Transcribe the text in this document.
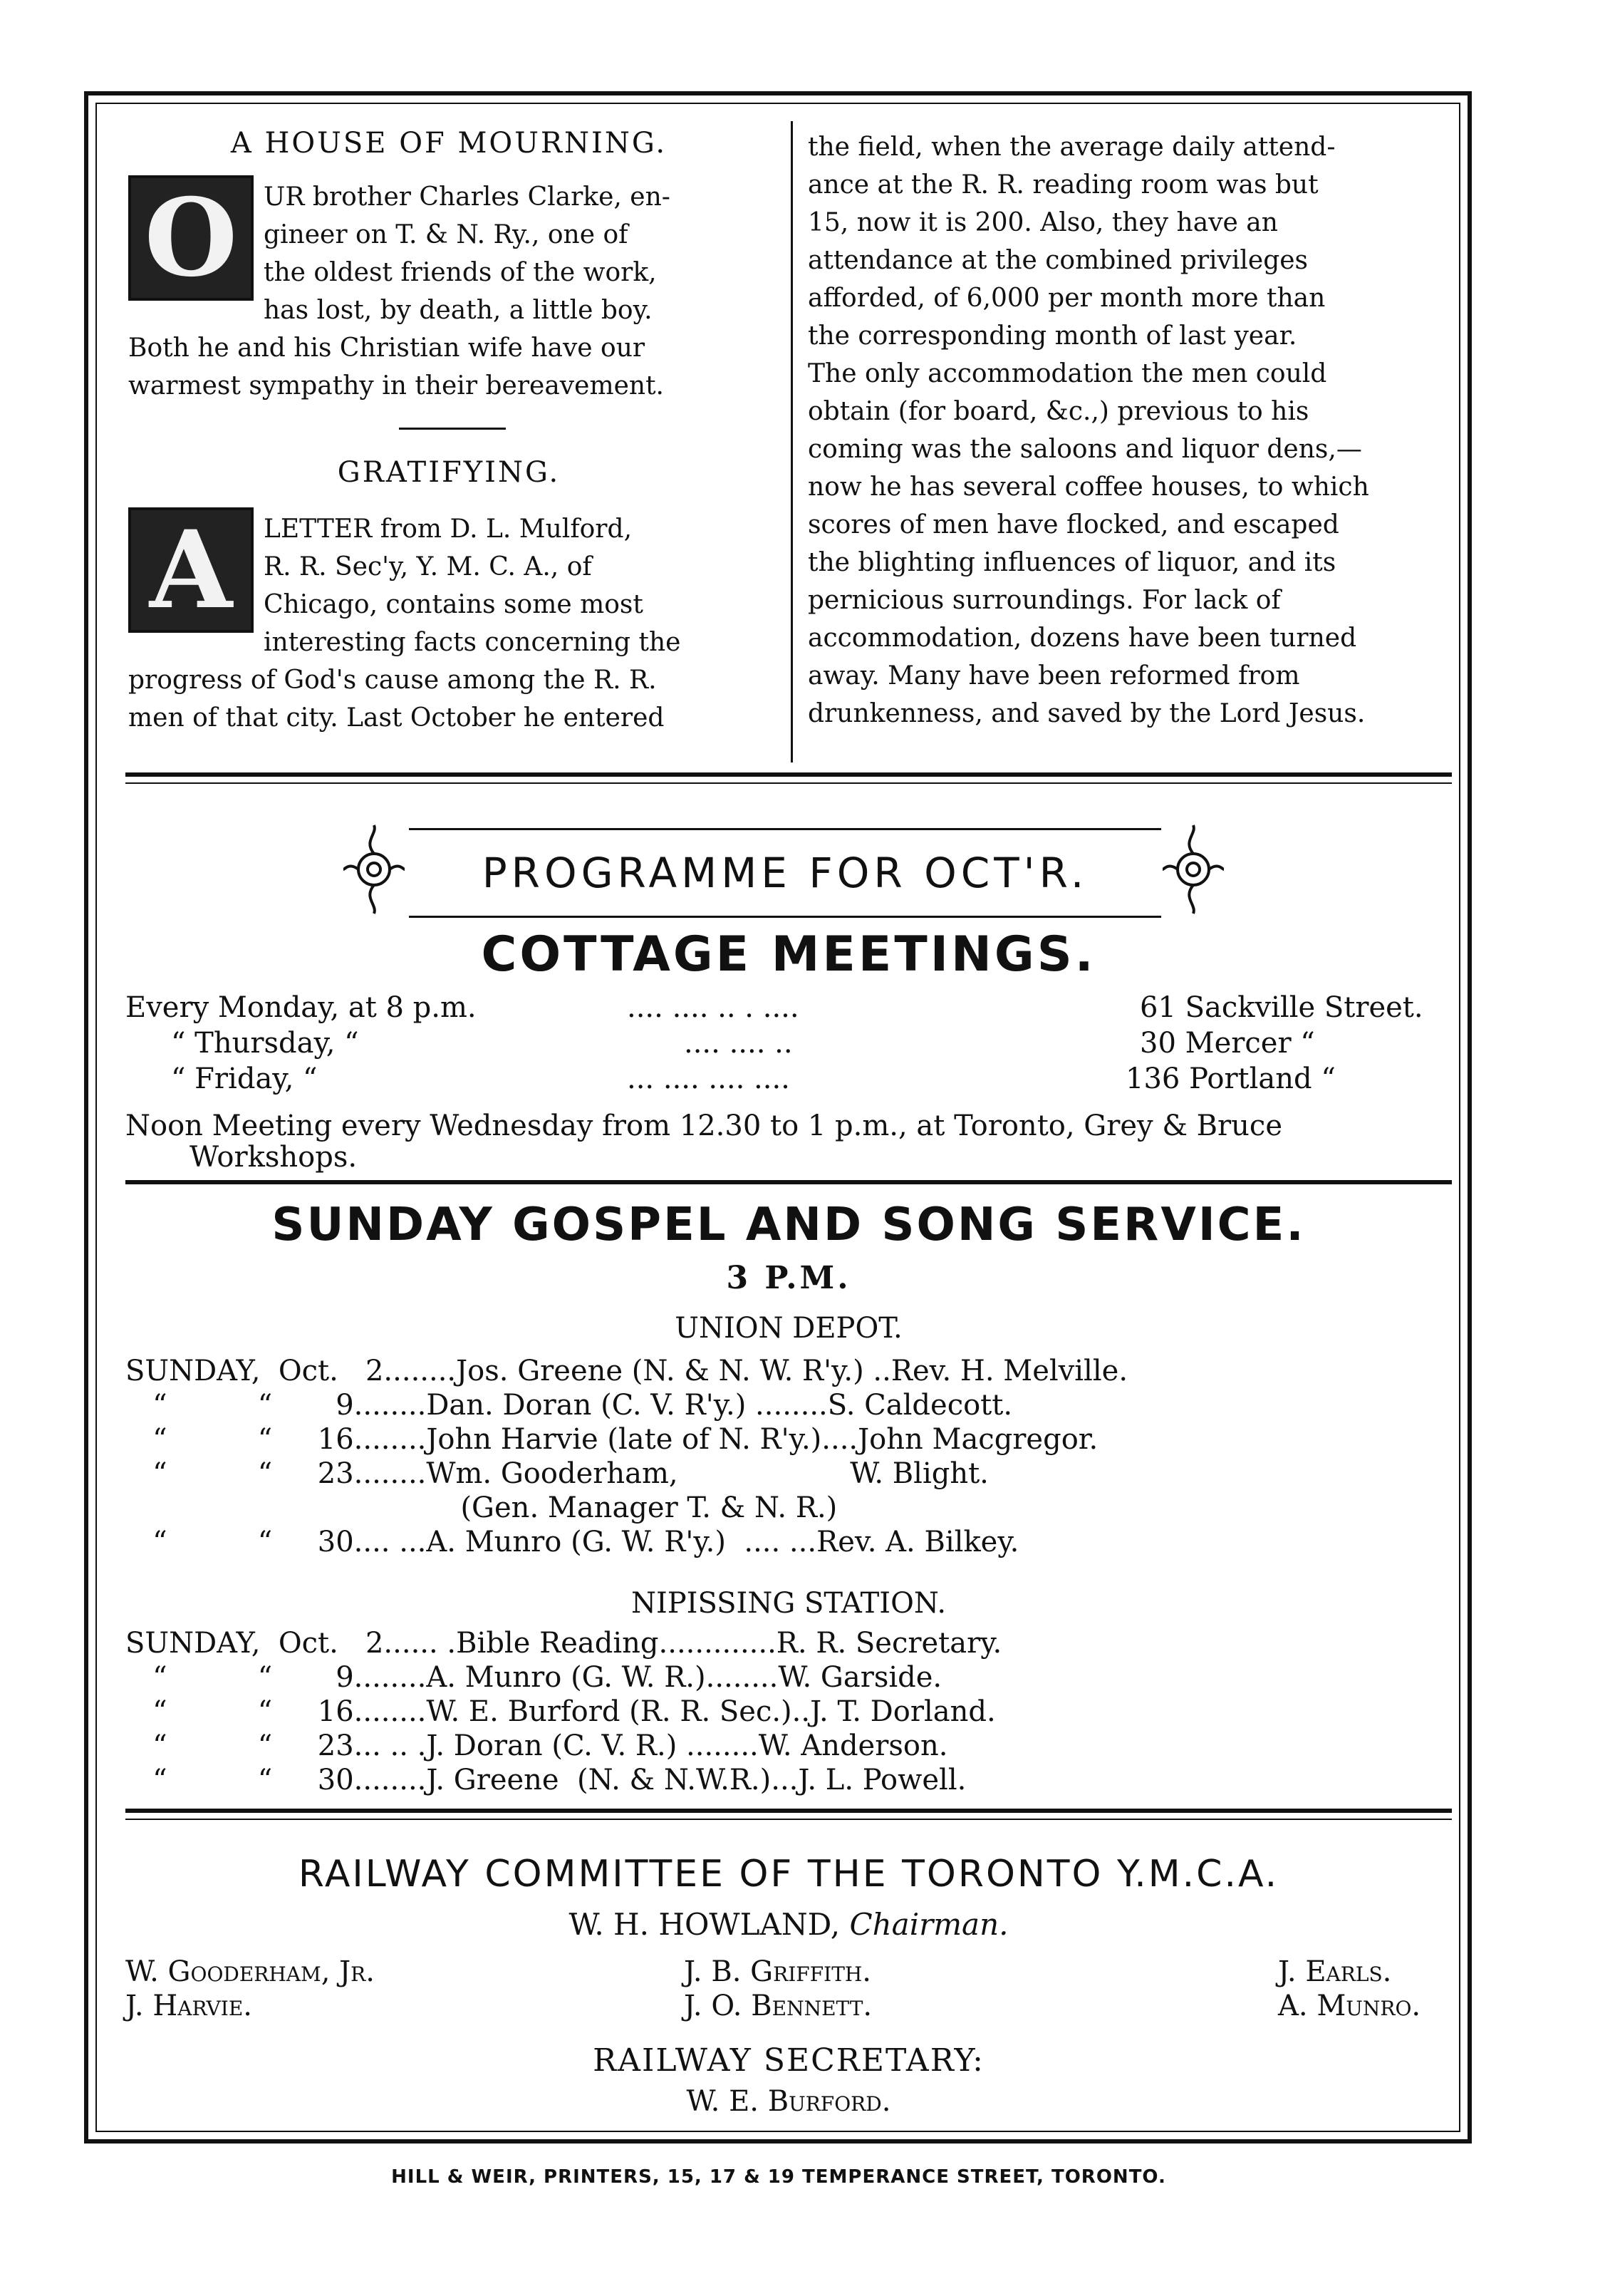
A HOUSE OF MOURNING.
O UR brother Charles Clarke, en-
gineer on T. & N. Ry., one of
the oldest friends of the work,
has lost, by death, a little boy.
Both he and his Christian wife have our
warmest sympathy in their bereavement.
GRATIFYING.
A LETTER from D. L. Mulford,
R. R. Sec'y, Y. M. C. A., of
Chicago, contains some most
interesting facts concerning the
progress of God's cause among the R. R.
men of that city. Last October he entered
the field, when the average daily attend-
ance at the R. R. reading room was but
15, now it is 200. Also, they have an
attendance at the combined privileges
afforded, of 6,000 per month more than
the corresponding month of last year.
The only accommodation the men could
obtain (for board, &c.,) previous to his
coming was the saloons and liquor dens,—
now he has several coffee houses, to which
scores of men have flocked, and escaped
the blighting influences of liquor, and its
pernicious surroundings. For lack of
accommodation, dozens have been turned
away. Many have been reformed from
drunkenness, and saved by the Lord Jesus.
PROGRAMME FOR OCT'R.
COTTAGE MEETINGS.
Every Monday, at 8 p.m.	.... .... .. . ....	61 Sackville Street.
“ Thursday, “	.... .... ..	30 Mercer “
“ Friday, “	... .... .... ....	136 Portland “
Noon Meeting every Wednesday from 12.30 to 1 p.m., at Toronto, Grey & Bruce
Workshops.
SUNDAY GOSPEL AND SONG SERVICE.
3 P.M.
UNION DEPOT.
SUNDAY,  Oct.   2........Jos. Greene (N. & N. W. R'y.) ..Rev. H. Melville.
“          “       9........Dan. Doran (C. V. R'y.) ........S. Caldecott.
“          “     16........John Harvie (late of N. R'y.)....John Macgregor.
“          “     23........Wm. Gooderham,                   W. Blight.
(Gen. Manager T. & N. R.)
“          “     30.... ...A. Munro (G. W. R'y.)  .... ...Rev. A. Bilkey.
NIPISSING STATION.
SUNDAY,  Oct.   2...... .Bible Reading.............R. R. Secretary.
“          “       9........A. Munro (G. W. R.)........W. Garside.
“          “     16........W. E. Burford (R. R. Sec.)..J. T. Dorland.
“          “     23... .. .J. Doran (C. V. R.) ........W. Anderson.
“          “     30........J. Greene  (N. & N.W.R.)...J. L. Powell.
RAILWAY COMMITTEE OF THE TORONTO Y.M.C.A.
W. H. HOWLAND, Chairman.
W. Gooderham, Jr.	J. B. Griffith.	J. Earls.
J. Harvie.	J. O. Bennett.	A. Munro.
RAILWAY SECRETARY:
W. E. Burford.
HILL & WEIR, PRINTERS, 15, 17 & 19 TEMPERANCE STREET, TORONTO.
